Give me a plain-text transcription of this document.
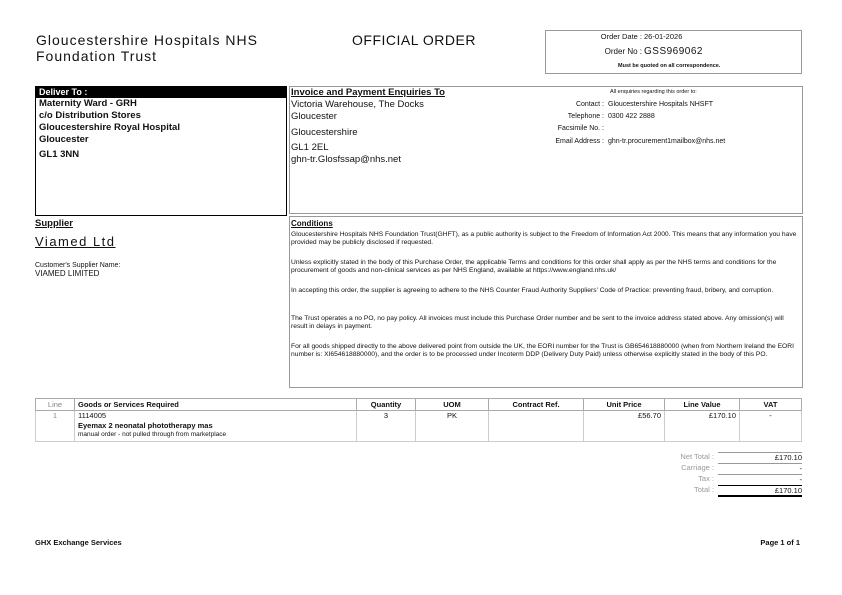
Gloucestershire Hospitals NHS
Foundation Trust
OFFICIAL ORDER	Order Date : 26-01-2026
Order No : GSS969062
Must be quoted on all correspondence.
Deliver To :
Maternity Ward - GRH
c/o Distribution Stores
Gloucestershire Royal Hospital
Gloucester
GL1 3NN
Invoice and Payment Enquiries To
Victoria Warehouse, The Docks
Gloucester
Gloucestershire
GL1 2EL
ghn-tr.Glosfssap@nhs.net
All enquiries regarding this order to:
Contact : Gloucestershire Hospitals NHSFT
Telephone : 0300 422 2888
Facsimile No. :
Email Address : ghn-tr.procurement1mailbox@nhs.net
Supplier
Viamed Ltd
Customer's Supplier Name:
VIAMED LIMITED
Conditions
Gloucestershire Hospitals NHS Foundation Trust(GHFT), as a public authority is subject to the Freedom of Information Act 2000. This means that any information you have provided may be publicly disclosed if requested.
Unless explicitly stated in the body of this Purchase Order, the applicable Terms and conditions for this order shall apply as per the NHS terms and conditions for the procurement of goods and non-clinical services as per NHS England, available at https://www.england.nhs.uk/
In accepting this order, the supplier is agreeing to adhere to the NHS Counter Fraud Authority Suppliers' Code of Practice: preventing fraud, bribery, and corruption.
The Trust operates a no PO, no pay policy. All invoices must include this Purchase Order number and be sent to the invoice address stated above. Any omission(s) will result in delays in payment.
For all goods shipped directly to the above delivered point from outside the UK, the EORI number for the Trust is GB654618880000 (when from Northern Ireland the EORI number is: XI654618880000), and the order is to be processed under Incoterm DDP (Delivery Duty Paid) unless otherwise explicitly stated in the body of this PO.
Line	Goods or Services Required	Quantity	UOM	Contract Ref.	Unit Price	Line Value	VAT
1	1114005	3	PK		£56.70	£170.10	-
	Eyemax 2 neonatal phototherapy mas						
	manual order - not pulled through from marketplace						
Net Total :	£170.10
Carriage :	-
Tax :	-
Total :	£170.10
GHX Exchange Services	Page 1 of 1
